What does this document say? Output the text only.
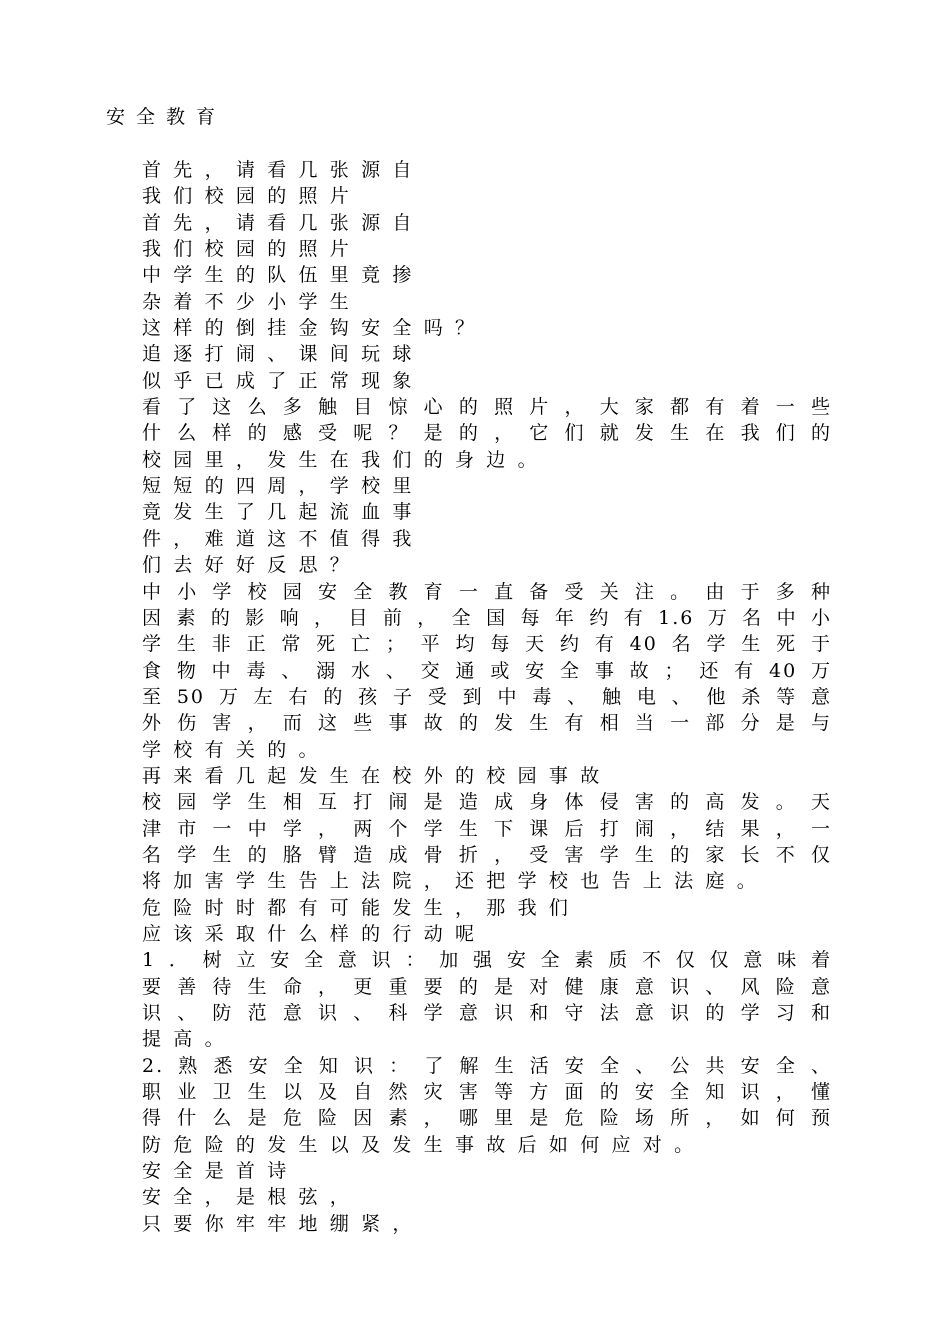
安全教育
首先，请看几张源自
我们校园的照片
首先，请看几张源自
我们校园的照片
中学生的队伍里竟掺
杂着不少小学生
这样的倒挂金钩安全吗？
追逐打闹、课间玩球
似乎已成了正常现象
看了这么多触目惊心的照片，大家都有着一些
什么样的感受呢？是的，它们就发生在我们的
校园里，发生在我们的身边。
短短的四周，学校里
竟发生了几起流血事
件，难道这不值得我
们去好好反思？
中小学校园安全教育一直备受关注。由于多种
因素的影响，目前，全国每年约有1.6万名中小
学生非正常死亡；平均每天约有40名学生死于
食物中毒、溺水、交通或安全事故；还有40万
至50万左右的孩子受到中毒、触电、他杀等意
外伤害，而这些事故的发生有相当一部分是与
学校有关的。
再来看几起发生在校外的校园事故
校园学生相互打闹是造成身体侵害的高发。天
津市一中学，两个学生下课后打闹，结果，一
名学生的胳臂造成骨折，受害学生的家长不仅
将加害学生告上法院，还把学校也告上法庭。
危险时时都有可能发生，那我们
应该采取什么样的行动呢
1．树立安全意识：加强安全素质不仅仅意味着
要善待生命，更重要的是对健康意识、风险意
识、防范意识、科学意识和守法意识的学习和
提高。
2.熟悉安全知识：了解生活安全、公共安全、
职业卫生以及自然灾害等方面的安全知识，懂
得什么是危险因素，哪里是危险场所，如何预
防危险的发生以及发生事故后如何应对。
安全是首诗
安全，是根弦，
只要你牢牢地绷紧，
